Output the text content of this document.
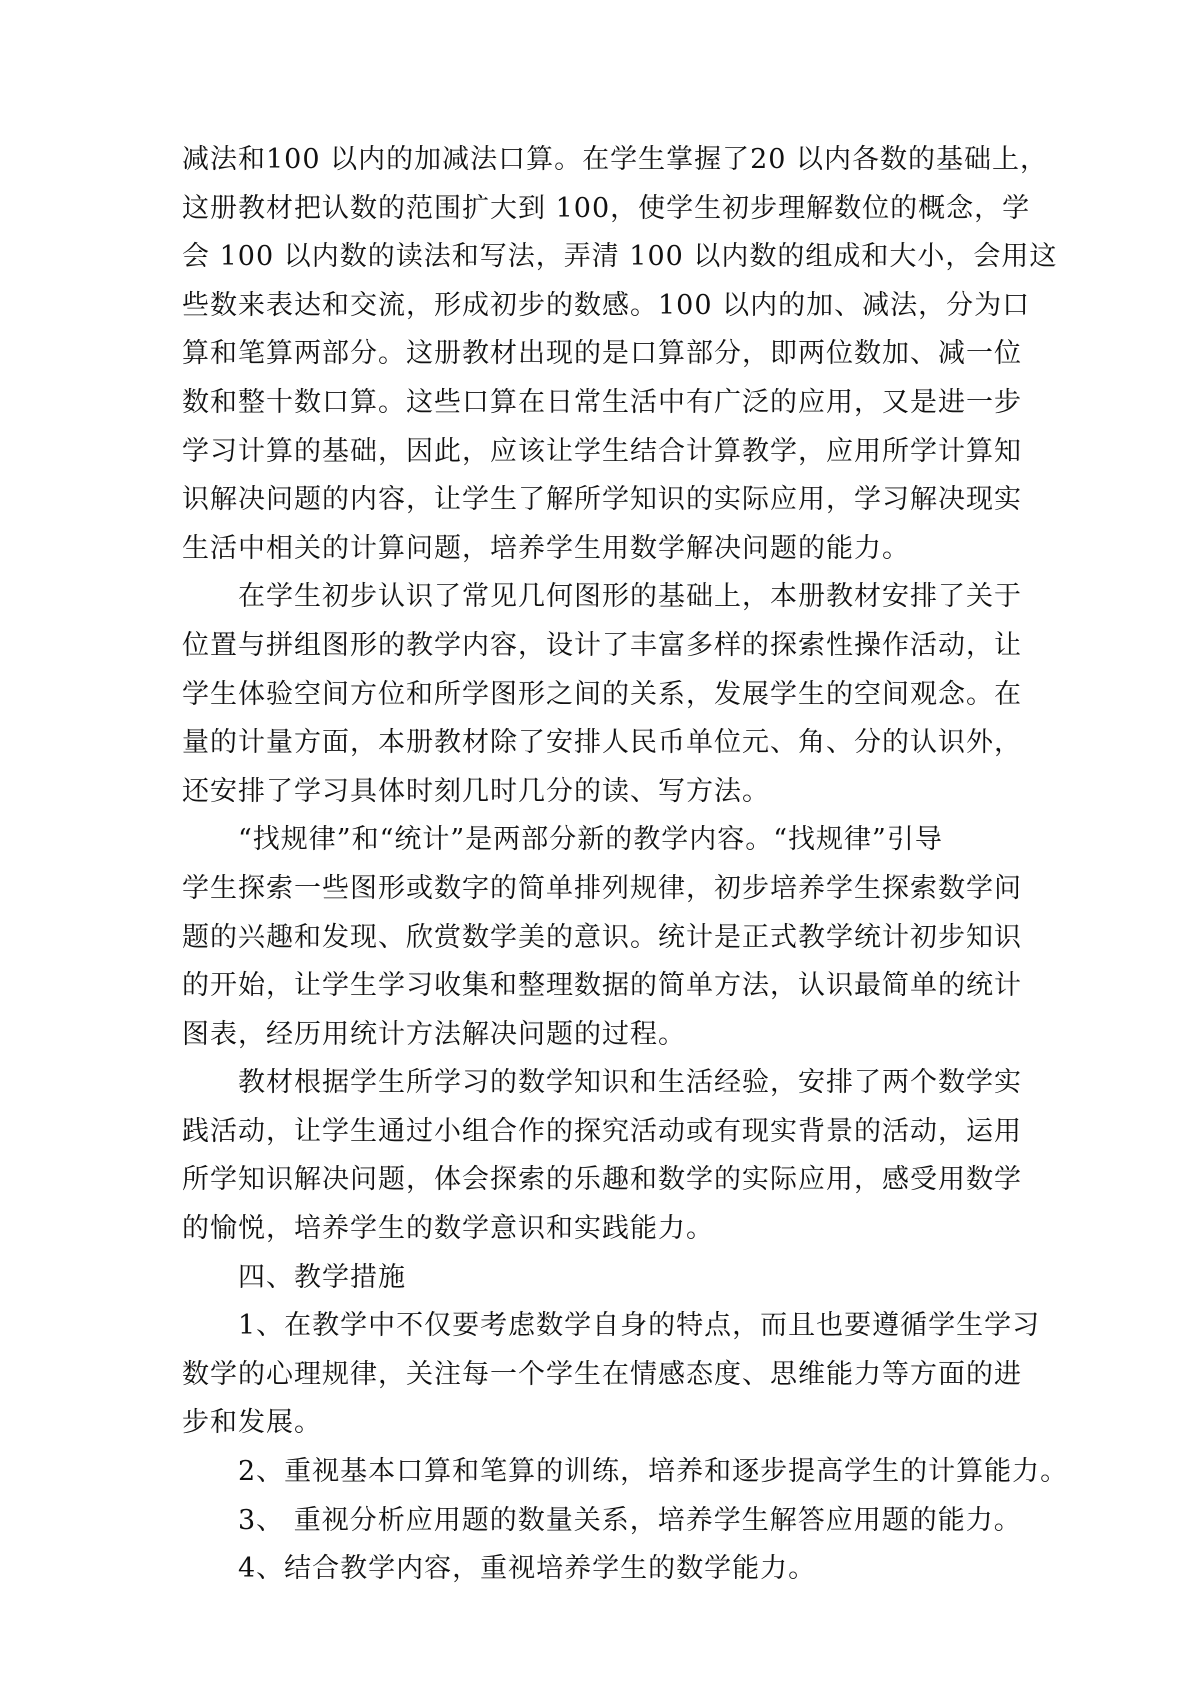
减法和100 以内的加减法口算。在学生掌握了20 以内各数的基础上，
这册教材把认数的范围扩大到 100，使学生初步理解数位的概念，学
会 100 以内数的读法和写法，弄清 100 以内数的组成和大小，会用这
些数来表达和交流，形成初步的数感。100 以内的加、减法，分为口
算和笔算两部分。这册教材出现的是口算部分，即两位数加、减一位
数和整十数口算。这些口算在日常生活中有广泛的应用，又是进一步
学习计算的基础，因此，应该让学生结合计算教学，应用所学计算知
识解决问题的内容，让学生了解所学知识的实际应用，学习解决现实
生活中相关的计算问题，培养学生用数学解决问题的能力。
在学生初步认识了常见几何图形的基础上，本册教材安排了关于
位置与拼组图形的教学内容，设计了丰富多样的探索性操作活动，让
学生体验空间方位和所学图形之间的关系，发展学生的空间观念。在
量的计量方面，本册教材除了安排人民币单位元、角、分的认识外，
还安排了学习具体时刻几时几分的读、写方法。
“找规律”和“统计”是两部分新的教学内容。“找规律”引导
学生探索一些图形或数字的简单排列规律，初步培养学生探索数学问
题的兴趣和发现、欣赏数学美的意识。统计是正式教学统计初步知识
的开始，让学生学习收集和整理数据的简单方法，认识最简单的统计
图表，经历用统计方法解决问题的过程。
教材根据学生所学习的数学知识和生活经验，安排了两个数学实
践活动，让学生通过小组合作的探究活动或有现实背景的活动，运用
所学知识解决问题，体会探索的乐趣和数学的实际应用，感受用数学
的愉悦，培养学生的数学意识和实践能力。
四、教学措施
1、在教学中不仅要考虑数学自身的特点，而且也要遵循学生学习
数学的心理规律，关注每一个学生在情感态度、思维能力等方面的进
步和发展。
2、重视基本口算和笔算的训练，培养和逐步提高学生的计算能力。
3、 重视分析应用题的数量关系，培养学生解答应用题的能力。
4、结合教学内容，重视培养学生的数学能力。
